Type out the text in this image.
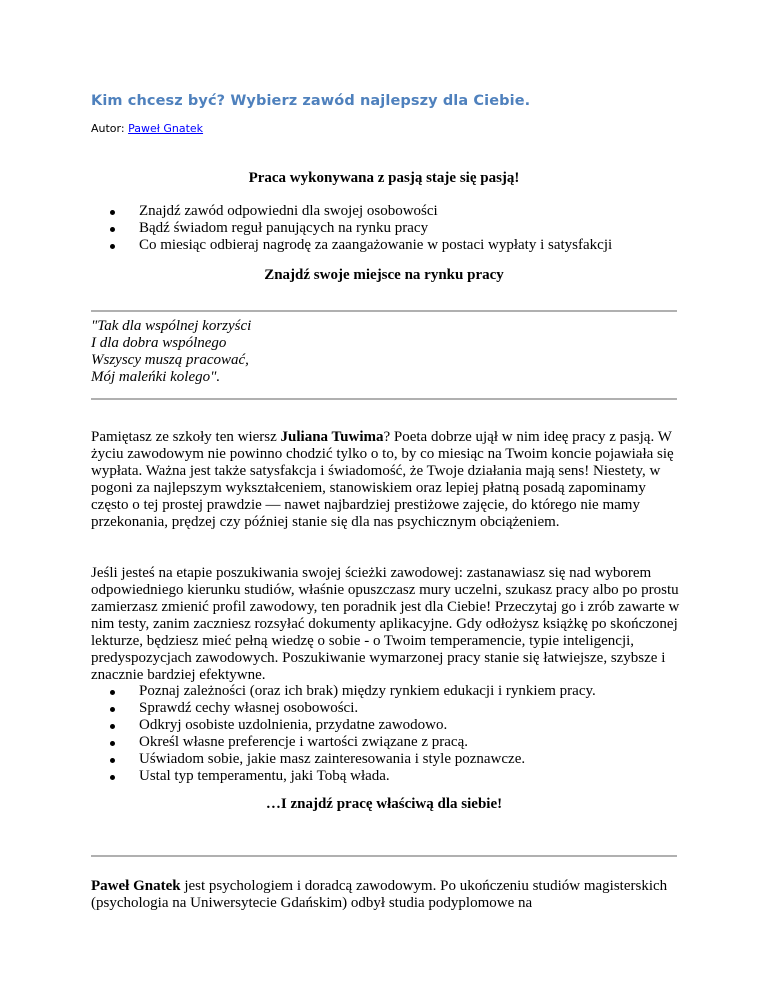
Kim chcesz być? Wybierz zawód najlepszy dla Ciebie.
Autor: Paweł Gnatek

Praca wykonywana z pasją staje się pasją!

Znajdź zawód odpowiedni dla swojej osobowości
Bądź świadom reguł panujących na rynku pracy
Co miesiąc odbieraj nagrodę za zaangażowanie w postaci wypłaty i satysfakcji

Znajdź swoje miejsce na rynku pracy

"Tak dla wspólnej korzyści
I dla dobra wspólnego
Wszyscy muszą pracować,
Mój maleńki kolego".

Pamiętasz ze szkoły ten wiersz Juliana Tuwima? Poeta dobrze ujął w nim ideę pracy z pasją. W życiu zawodowym nie powinno chodzić tylko o to, by co miesiąc na Twoim koncie pojawiała się wypłata. Ważna jest także satysfakcja i świadomość, że Twoje działania mają sens! Niestety, w pogoni za najlepszym wykształceniem, stanowiskiem oraz lepiej płatną posadą zapominamy często o tej prostej prawdzie — nawet najbardziej prestiżowe zajęcie, do którego nie mamy przekonania, prędzej czy później stanie się dla nas psychicznym obciążeniem.

Jeśli jesteś na etapie poszukiwania swojej ścieżki zawodowej: zastanawiasz się nad wyborem odpowiedniego kierunku studiów, właśnie opuszczasz mury uczelni, szukasz pracy albo po prostu zamierzasz zmienić profil zawodowy, ten poradnik jest dla Ciebie! Przeczytaj go i zrób zawarte w nim testy, zanim zaczniesz rozsyłać dokumenty aplikacyjne. Gdy odłożysz książkę po skończonej lekturze, będziesz mieć pełną wiedzę o sobie - o Twoim temperamencie, typie inteligencji, predyspozycjach zawodowych. Poszukiwanie wymarzonej pracy stanie się łatwiejsze, szybsze i znacznie bardziej efektywne.

Poznaj zależności (oraz ich brak) między rynkiem edukacji i rynkiem pracy.
Sprawdź cechy własnej osobowości.
Odkryj osobiste uzdolnienia, przydatne zawodowo.
Określ własne preferencje i wartości związane z pracą.
Uświadom sobie, jakie masz zainteresowania i style poznawcze.
Ustal typ temperamentu, jaki Tobą włada.

…I znajdź pracę właściwą dla siebie!

Paweł Gnatek jest psychologiem i doradcą zawodowym. Po ukończeniu studiów magisterskich (psychologia na Uniwersytecie Gdańskim) odbył studia podyplomowe na
